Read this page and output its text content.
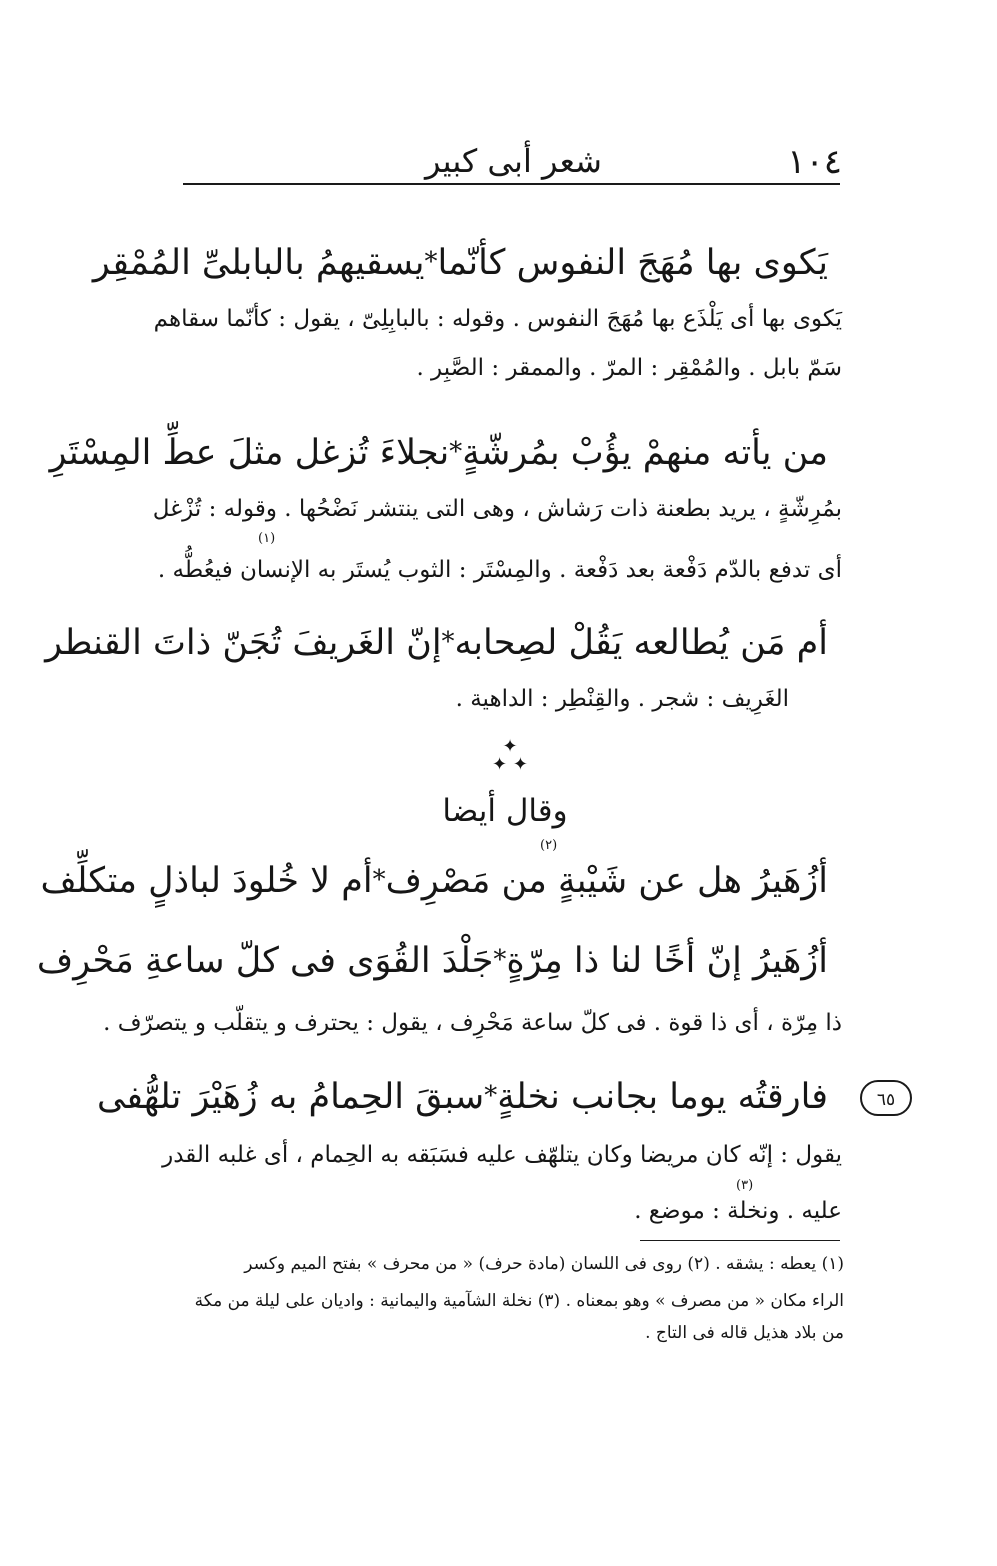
١٠٤
شعر أبى كبير
يَكوى بها مُهَجَ النفوس كأنّما
*
يسقيهمُ بالبابلىِّ المُمْقِر
يَكوى بها أى يَلْذَع بها مُهَجَ النفوس . وقوله : بالبابِلِىّ ، يقول : كأنّما سقاهم
سَمّ بابل . والمُمْقِر : المرّ . والممقر : الصَّبِر .
من يأته منهمْ يؤُبْ بمُرشّةٍ
*
نجلاءَ تُزغل مثلَ عطِّ المِسْتَرِ
بمُرِشّةٍ ، يريد بطعنة ذات رَشاش ، وهى التى ينتشر نَضْحُها . وقوله : تُزْغل
(١)
أى تدفع بالدّم دَفْعة بعد دَفْعة . والمِسْتَر : الثوب يُستَر به الإنسان فيعُطُّه .
أم مَن يُطالعه يَقُلْ لصِحابه
*
إنّ الغَريفَ تُجَنّ ذاتَ القنطر
الغَرِيف : شجر . والقِنْطِر : الداهية .
✦
✦ ✦
وقال أيضا
(٢)
أزُهَيرُ هل عن شَيْبةٍ من مَصْرِف
*
أم لا خُلودَ لباذلٍ متكلِّف
أزُهَيرُ إنّ أخًا لنا ذا مِرّةٍ
*
جَلْدَ القُوَى فى كلّ ساعةِ مَحْرِف
ذا مِرّة ، أى ذا قوة . فى كلّ ساعة مَحْرِف ، يقول : يحترف و يتقلّب و يتصرّف .
٦٥
فارقتُه يوما بجانب نخلةٍ
*
سبقَ الحِمامُ به زُهَيْرَ تلهُّفى
يقول : إنّه كان مريضا وكان يتلهّف عليه فسَبَقه به الحِمام ، أى غلبه القدر
(٣)
عليه . ونخلة : موضع .
(١) يعطه : يشقه . (٢) روى فى اللسان (مادة حرف) « من محرف » بفتح الميم وكسر
الراء مكان « من مصرف » وهو بمعناه . (٣) نخلة الشآمية واليمانية : واديان على ليلة من مكة
من بلاد هذيل قاله فى التاج .
